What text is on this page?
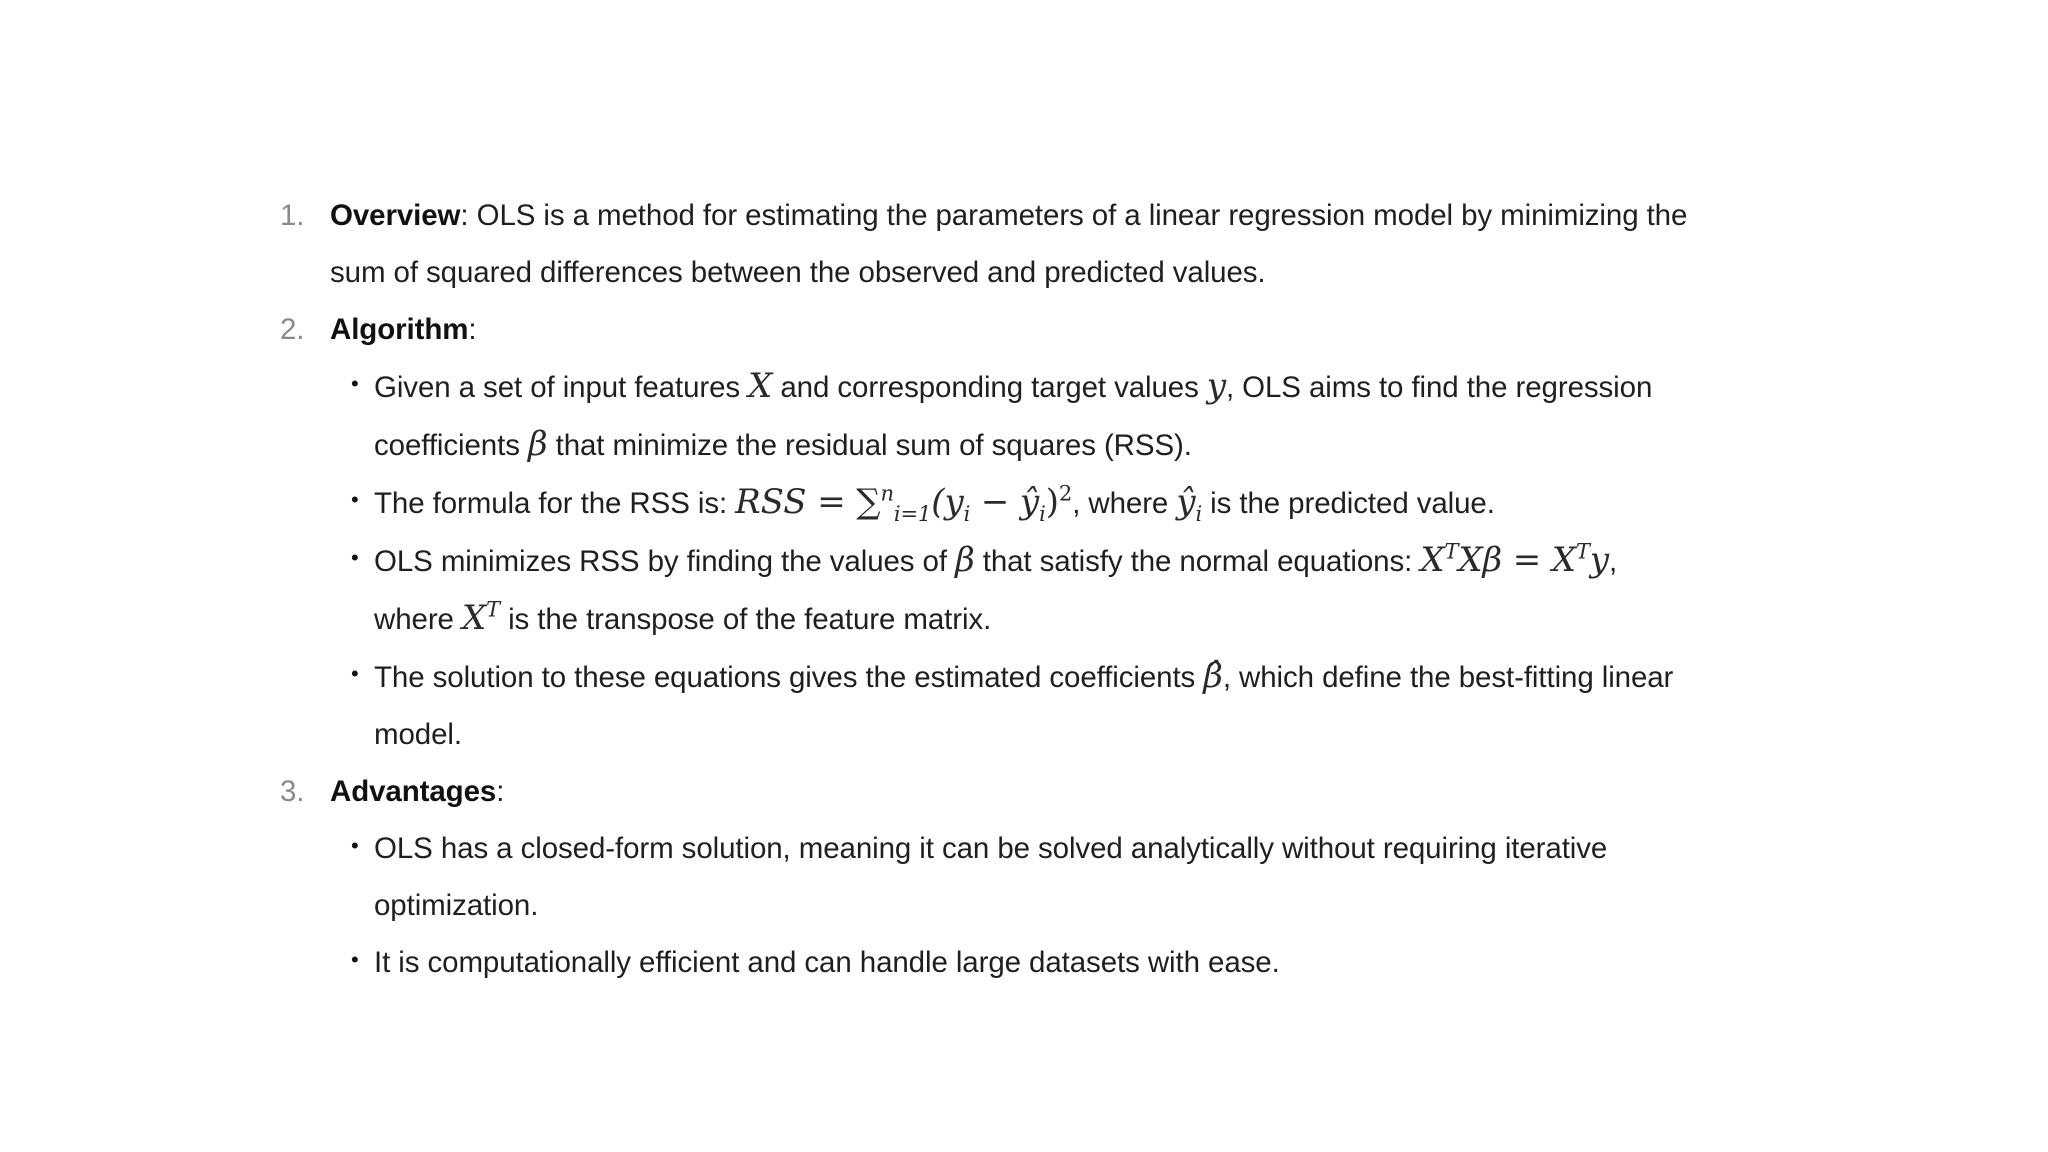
1. Overview: OLS is a method for estimating the parameters of a linear regression model by minimizing the sum of squared differences between the observed and predicted values.
2. Algorithm:
• Given a set of input features X and corresponding target values y, OLS aims to find the regression coefficients β that minimize the residual sum of squares (RSS).
• The formula for the RSS is: RSS = $\sum^n_{i=1}(y_i$ − $ŷ_i)^2$, where $ŷ_i$ is the predicted value.
• OLS minimizes RSS by finding the values of β that satisfy the normal equations: $X^TX\beta = X^Ty$, where $X^T$ is the transpose of the feature matrix.
• The solution to these equations gives the estimated coefficients β̂, which define the best-fitting linear model.
3. Advantages:
• OLS has a closed-form solution, meaning it can be solved analytically without requiring iterative optimization.
• It is computationally efficient and can handle large datasets with ease.
